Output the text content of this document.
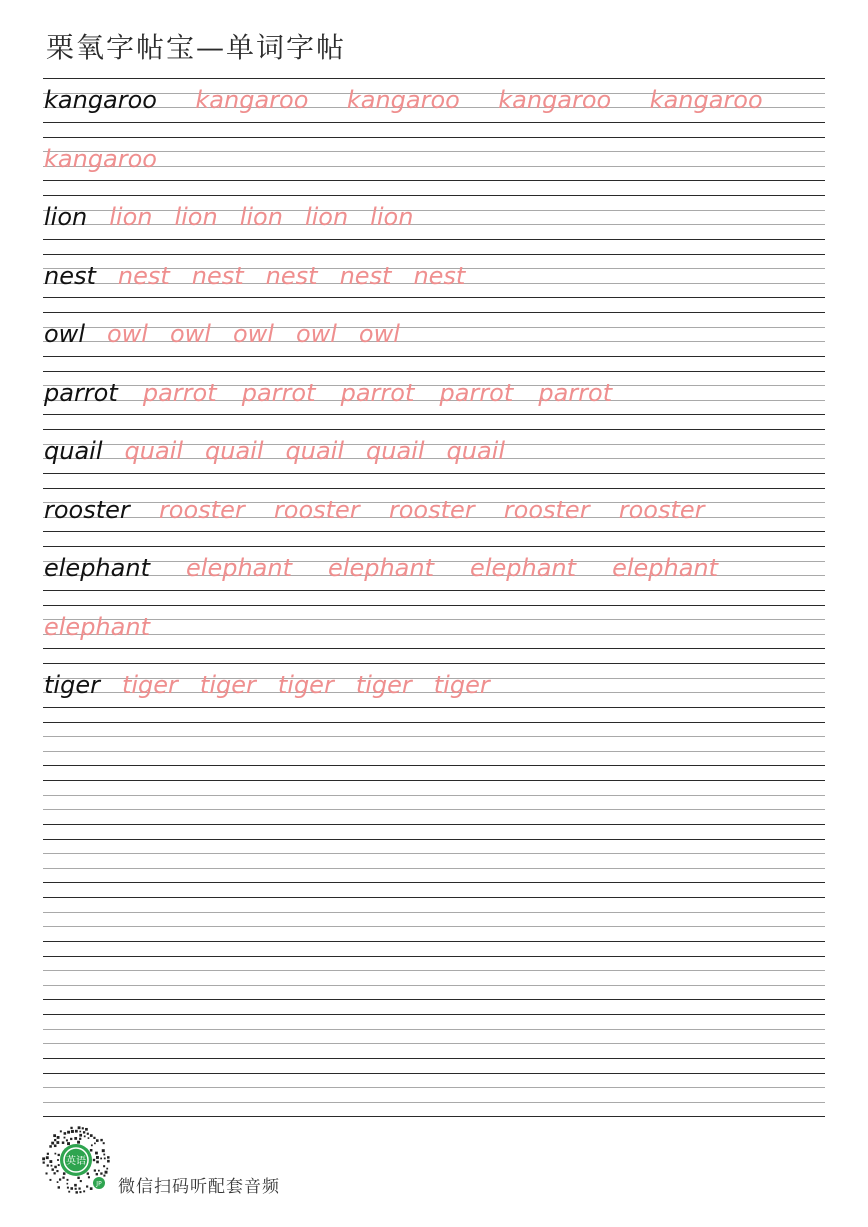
栗氧字帖宝—单词字帖
kangaroo kangaroo kangaroo kangaroo kangaroo
kangaroo
lion lion lion lion lion lion
nest nest nest nest nest nest
owl owl owl owl owl owl
parrot parrot parrot parrot parrot parrot
quail quail quail quail quail quail
rooster rooster rooster rooster rooster rooster
elephant elephant elephant elephant elephant
elephant
tiger tiger tiger tiger tiger tiger
英语
JP 微信扫码听配套音频
